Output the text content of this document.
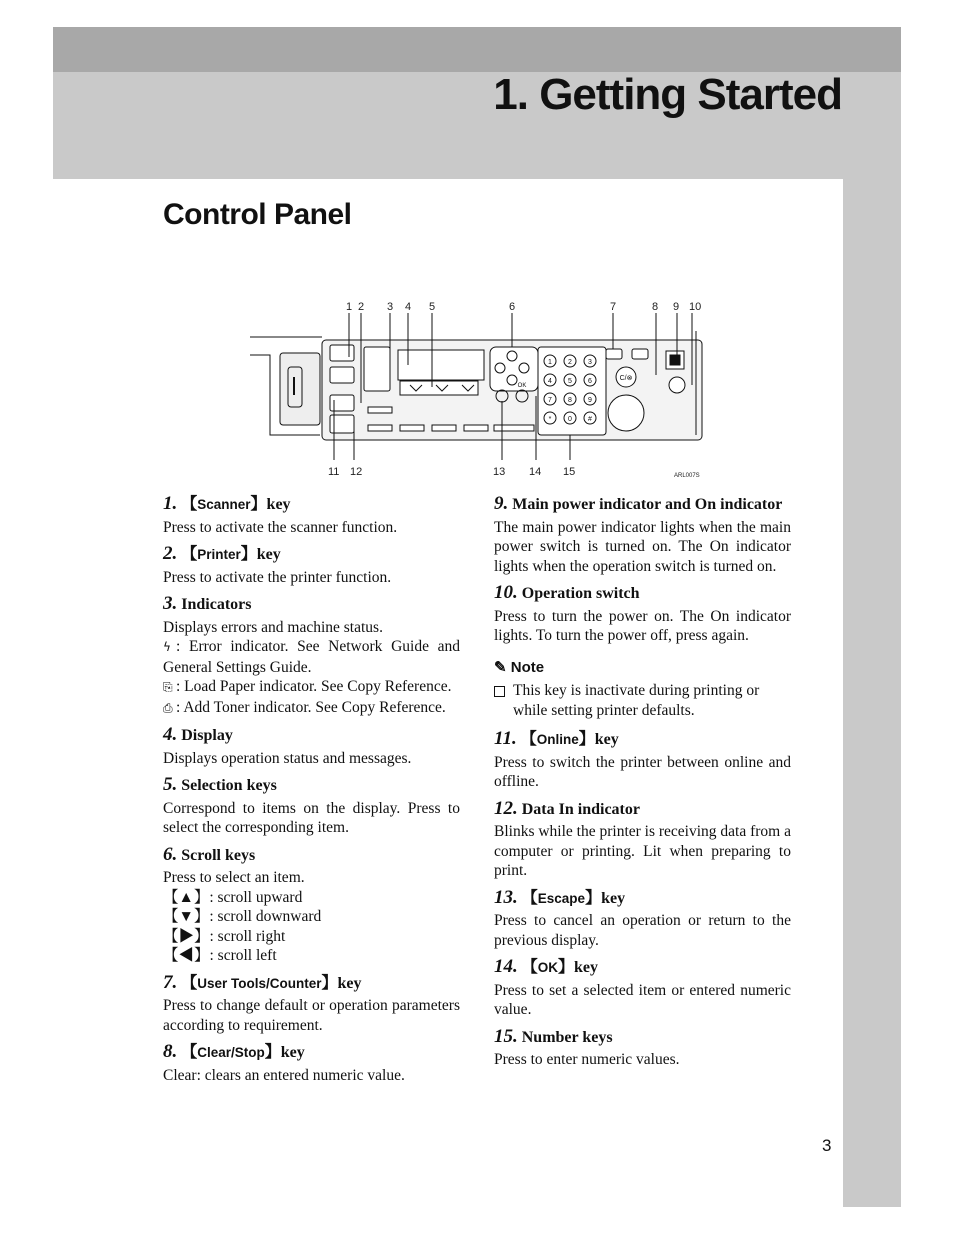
1. Getting Started
Control Panel
1 2 3 4 5	6	7	8 9 10
11 12	13 14 15	ARL007S
1 2 3
4 5 6
7 8 9
* 0 #
OK
C/⊗
1. 【Scanner】key
Press to activate the scanner function.
2. 【Printer】key
Press to activate the printer function.
3. Indicators
Displays errors and machine status.
ϟ : Error indicator. See Network Guide and General Settings Guide.
⎘ : Load Paper indicator. See Copy Reference.
⎙ : Add Toner indicator. See Copy Reference.
4. Display
Displays operation status and messages.
5. Selection keys
Correspond to items on the display. Press to select the corresponding item.
6. Scroll keys
Press to select an item.
【▲】: scroll upward
【▼】: scroll downward
【▶】: scroll right
【◀】: scroll left
7. 【User Tools/Counter】key
Press to change default or operation parameters according to requirement.
8. 【Clear/Stop】key
Clear: clears an entered numeric value.
9. Main power indicator and On indicator
The main power indicator lights when the main power switch is turned on. The On indicator lights when the operation switch is turned on.
10. Operation switch
Press to turn the power on. The On indicator lights. To turn the power off, press again.
✎ Note
This key is inactivate during printing or while setting printer defaults.
11. 【Online】key
Press to switch the printer between online and offline.
12. Data In indicator
Blinks while the printer is receiving data from a computer or printing. Lit when preparing to print.
13. 【Escape】key
Press to cancel an operation or return to the previous display.
14. 【OK】key
Press to set a selected item or entered numeric value.
15. Number keys
Press to enter numeric values.
3
